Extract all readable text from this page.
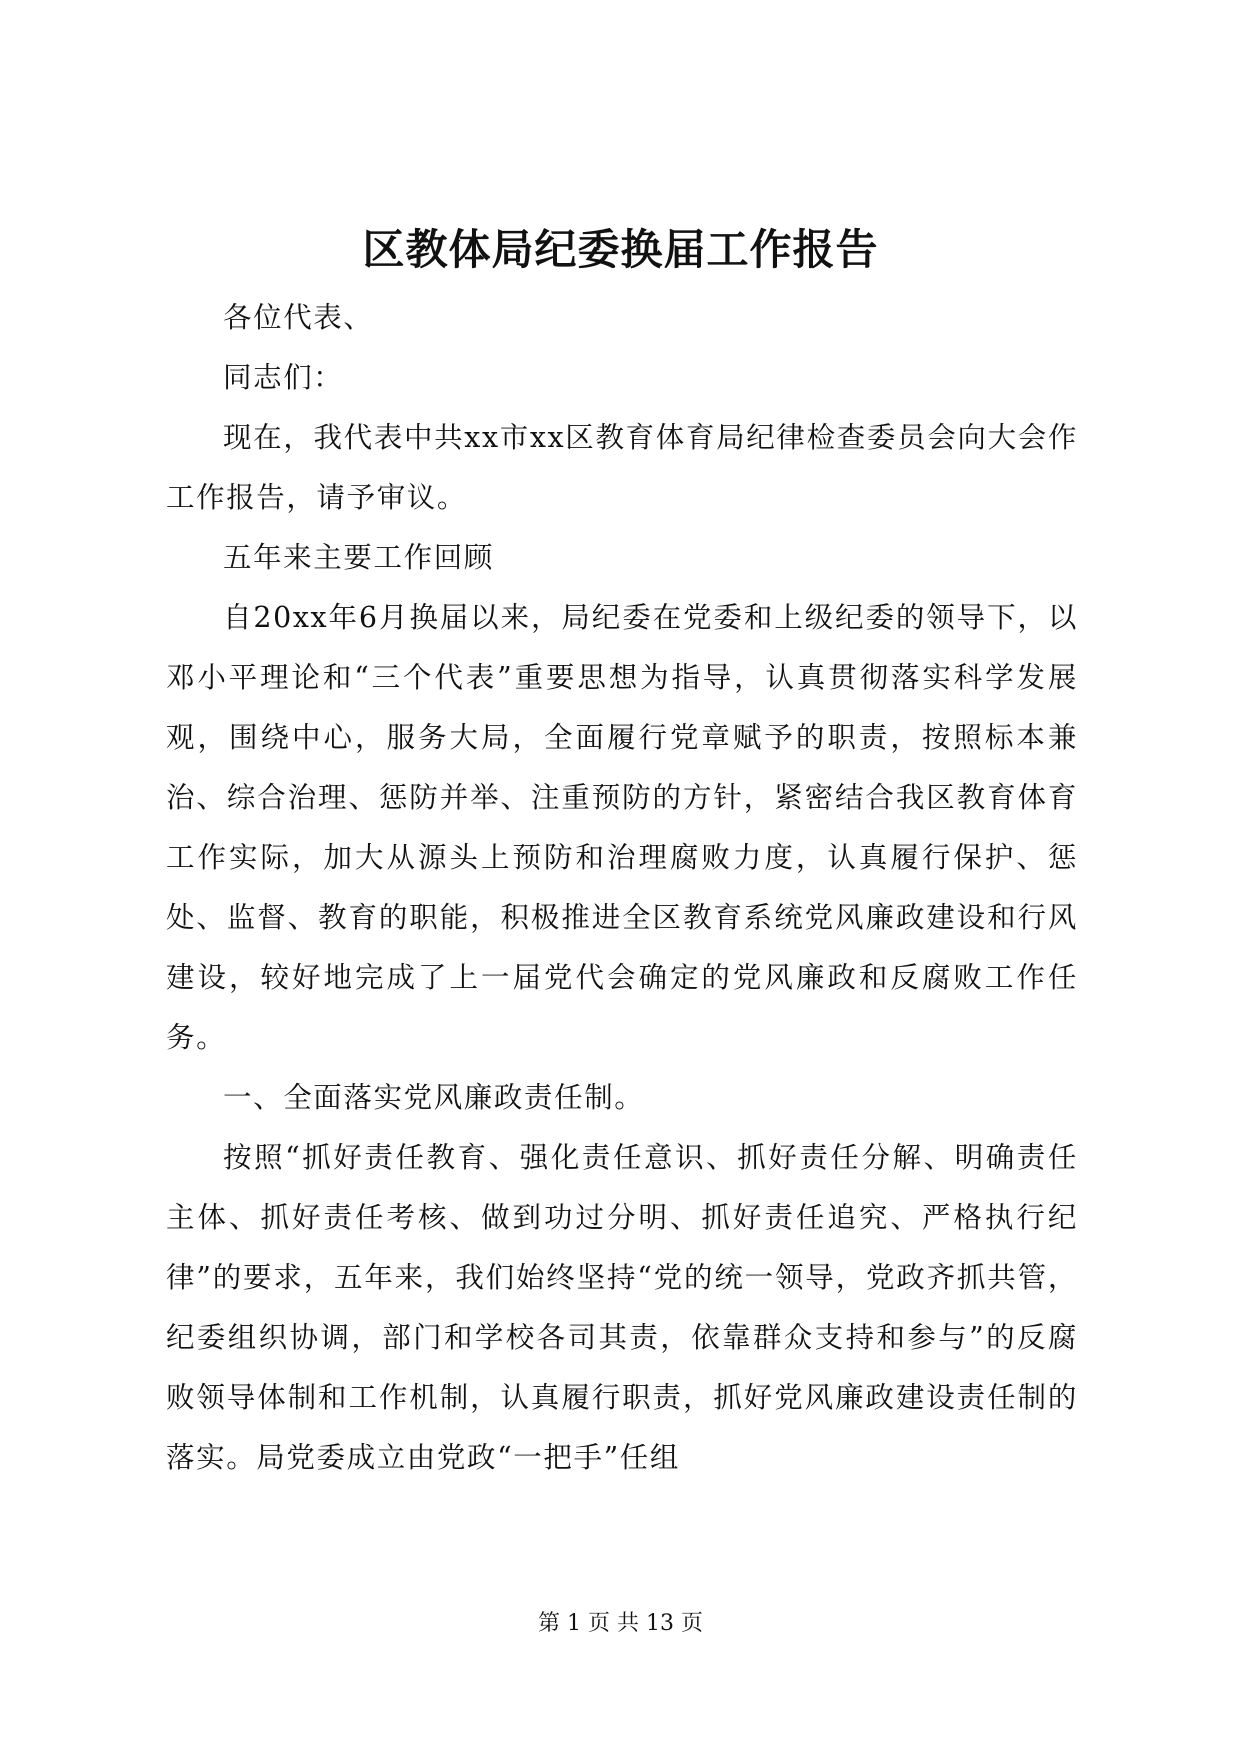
区教体局纪委换届工作报告

各位代表、

同志们：

现在，我代表中共xx市xx区教育体育局纪律检查委员会向大会作工作报告，请予审议。

五年来主要工作回顾

自20xx年6月换届以来，局纪委在党委和上级纪委的领导下，以邓小平理论和“三个代表”重要思想为指导，认真贯彻落实科学发展观，围绕中心，服务大局，全面履行党章赋予的职责，按照标本兼治、综合治理、惩防并举、注重预防的方针，紧密结合我区教育体育工作实际，加大从源头上预防和治理腐败力度，认真履行保护、惩处、监督、教育的职能，积极推进全区教育系统党风廉政建设和行风建设，较好地完成了上一届党代会确定的党风廉政和反腐败工作任务。

一、全面落实党风廉政责任制。

按照“抓好责任教育、强化责任意识、抓好责任分解、明确责任主体、抓好责任考核、做到功过分明、抓好责任追究、严格执行纪律”的要求，五年来，我们始终坚持“党的统一领导，党政齐抓共管，纪委组织协调，部门和学校各司其责，依靠群众支持和参与”的反腐败领导体制和工作机制，认真履行职责，抓好党风廉政建设责任制的落实。局党委成立由党政“一把手”任组

第 1 页 共 13 页
